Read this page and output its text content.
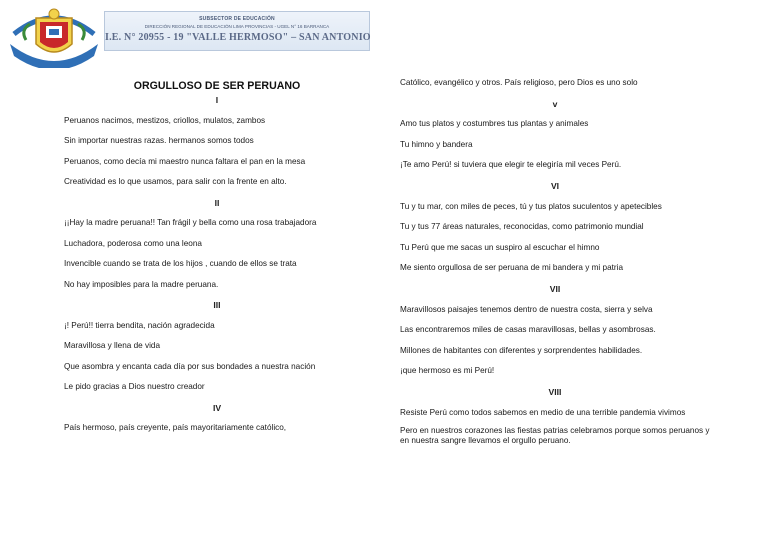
SUBSECTOR DE EDUCACIÓN
DIRECCIÓN REGIONAL DE EDUCACIÓN LIMA PROVINCIAS - UGEL N° 16 BARRANCA
I.E. N° 20955 - 19 "VALLE HERMOSO" – SAN ANTONIO
ORGULLOSO DE SER PERUANO
I
Peruanos nacimos, mestizos, criollos, mulatos, zambos
Sin importar nuestras razas. hermanos somos todos
Peruanos, como decía mi maestro nunca faltara el pan en la mesa
Creatividad es lo que usamos, para salir con la frente en alto.
II
¡¡Hay la madre peruana!! Tan frágil y bella como una rosa trabajadora
Luchadora, poderosa como una leona
Invencible cuando se trata de los hijos , cuando de ellos se trata
No hay imposibles para la madre peruana.
III
¡! Perú!! tierra bendita, nación agradecida
Maravillosa y llena de vida
Que asombra y encanta cada día por sus bondades a nuestra nación
Le pido gracias a Dios nuestro creador
IV
País hermoso, país creyente, país mayoritariamente católico,
Católico, evangélico y otros. País religioso, pero Dios es uno solo
v
Amo tus platos y costumbres tus plantas y animales
Tu himno y bandera
¡Te amo Perú! si tuviera que elegir te elegiría mil veces Perú.
VI
Tu y tu mar, con miles de peces, tú y tus platos suculentos y apetecibles
Tu y tus 77 áreas naturales, reconocidas, como patrimonio mundial
Tu Perú que me sacas un suspiro al escuchar el himno
Me siento orgullosa de ser peruana de mi bandera y mi patria
VII
Maravillosos paisajes tenemos dentro de nuestra costa, sierra y selva
Las encontraremos miles de casas maravillosas, bellas y asombrosas.
Millones de habitantes con diferentes y sorprendentes habilidades.
¡que hermoso es mi Perú!
VIII
Resiste Perú como todos sabemos en medio de una terrible pandemia vivimos
Pero en nuestros corazones las fiestas patrias celebramos porque somos peruanos y en nuestra sangre llevamos el orgullo peruano.
